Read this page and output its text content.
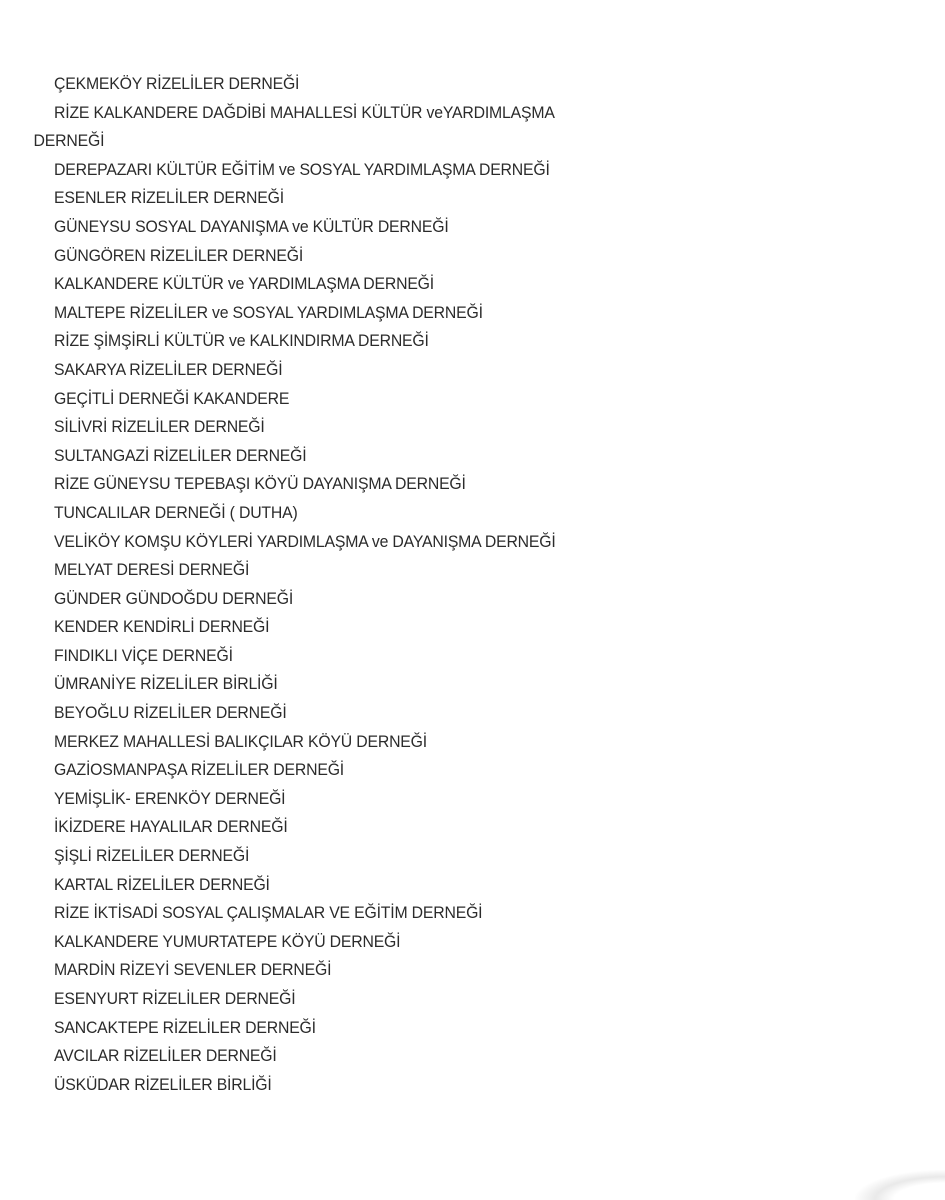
ÇEKMEKÖY RİZELİLER DERNEĞİ
RİZE KALKANDERE DAĞDİBİ MAHALLESİ KÜLTÜR veYARDIMLAŞMA
DERNEĞİ
DEREPAZARI KÜLTÜR EĞİTİM ve SOSYAL YARDIMLAŞMA DERNEĞİ
ESENLER RİZELİLER DERNEĞİ
GÜNEYSU SOSYAL DAYANIŞMA ve KÜLTÜR DERNEĞİ
GÜNGÖREN RİZELİLER DERNEĞİ
KALKANDERE KÜLTÜR ve YARDIMLAŞMA DERNEĞİ
MALTEPE RİZELİLER ve SOSYAL YARDIMLAŞMA DERNEĞİ
RİZE ŞİMŞİRLİ KÜLTÜR ve KALKINDIRMA DERNEĞİ
SAKARYA RİZELİLER DERNEĞİ
GEÇİTLİ DERNEĞİ KAKANDERE
SİLİVRİ RİZELİLER DERNEĞİ
SULTANGAZİ RİZELİLER DERNEĞİ
RİZE GÜNEYSU TEPEBAŞI KÖYÜ DAYANIŞMA DERNEĞİ
TUNCALILAR DERNEĞİ ( DUTHA)
VELİKÖY KOMŞU KÖYLERİ YARDIMLAŞMA ve DAYANIŞMA DERNEĞİ
MELYAT DERESİ DERNEĞİ
GÜNDER GÜNDOĞDU DERNEĞİ
KENDER KENDİRLİ DERNEĞİ
FINDIKLI VİÇE DERNEĞİ
ÜMRANİYE RİZELİLER BİRLİĞİ
BEYOĞLU RİZELİLER DERNEĞİ
MERKEZ MAHALLESİ BALIKÇILAR KÖYÜ DERNEĞİ
GAZİOSMANPAŞA RİZELİLER DERNEĞİ
YEMİŞLİK- ERENKÖY DERNEĞİ
İKİZDERE HAYALILAR DERNEĞİ
ŞİŞLİ RİZELİLER DERNEĞİ
KARTAL RİZELİLER DERNEĞİ
RİZE İKTİSADİ SOSYAL ÇALIŞMALAR VE EĞİTİM DERNEĞİ
KALKANDERE YUMURTATEPE KÖYÜ DERNEĞİ
MARDİN RİZEYİ SEVENLER DERNEĞİ
ESENYURT RİZELİLER DERNEĞİ
SANCAKTEPE RİZELİLER DERNEĞİ
AVCILAR RİZELİLER DERNEĞİ
ÜSKÜDAR RİZELİLER BİRLİĞİ
